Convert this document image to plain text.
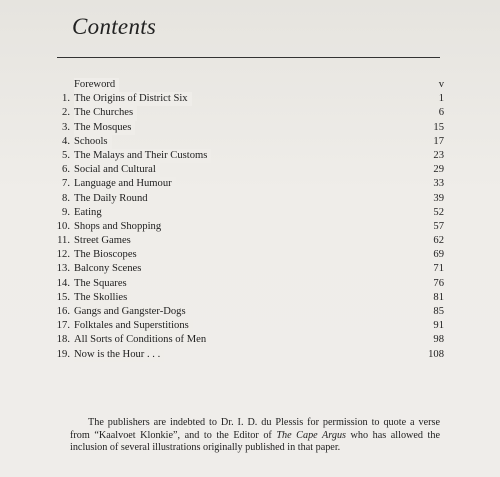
Contents
Foreword	v
1. The Origins of District Six	1
2. The Churches	6
3. The Mosques	15
4. Schools	17
5. The Malays and Their Customs	23
6. Social and Cultural	29
7. Language and Humour	33
8. The Daily Round	39
9. Eating	52
10. Shops and Shopping	57
11. Street Games	62
12. The Bioscopes	69
13. Balcony Scenes	71
14. The Squares	76
15. The Skollies	81
16. Gangs and Gangster-Dogs	85
17. Folktales and Superstitions	91
18. All Sorts of Conditions of Men	98
19. Now is the Hour . . .	108
The publishers are indebted to Dr. I. D. du Plessis for permission to quote a verse from “Kaalvoet Klonkie”, and to the Editor of The Cape Argus who has allowed the inclusion of several illustrations originally published in that paper.
